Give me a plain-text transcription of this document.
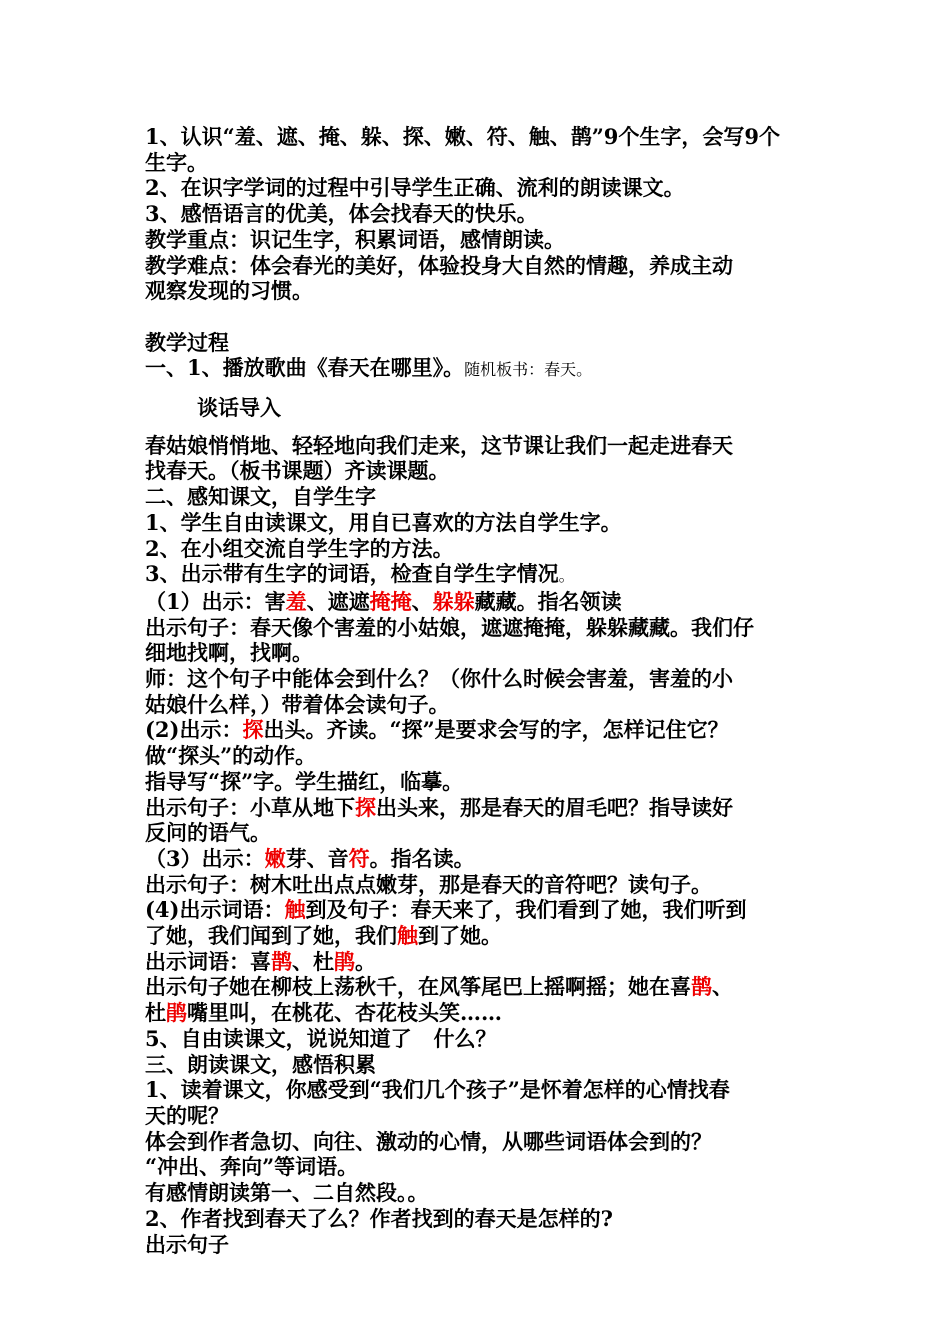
1、认识“羞、遮、掩、躲、探、嫩、符、触、鹊”9个生字，会写9个
生字。
2、在识字学词的过程中引导学生正确、流利的朗读课文。
3、感悟语言的优美，体会找春天的快乐。
教学重点：识记生字，积累词语，感情朗读。
教学难点：体会春光的美好，体验投身大自然的情趣，养成主动
观察发现的习惯。
教学过程
一、1、播放歌曲《春天在哪里》。随机板书：春天。
谈话导入
春姑娘悄悄地、轻轻地向我们走来，这节课让我们一起走进春天
找春天。（板书课题）齐读课题。
二、感知课文，自学生字
1、学生自由读课文，用自已喜欢的方法自学生字。
2、在小组交流自学生字的方法。
3、出示带有生字的词语，检查自学生字情况。
（1）出示：害羞、遮遮掩掩、躲躲藏藏。指名领读
出示句子：春天像个害羞的小姑娘，遮遮掩掩，躲躲藏藏。我们仔
细地找啊，找啊。
师：这个句子中能体会到什么？（你什么时候会害羞，害羞的小
姑娘什么样，）带着体会读句子。
(2)出示：探出头。齐读。“探”是要求会写的字，怎样记住它？
做“探头”的动作。
指导写“探”字。学生描红，临摹。
出示句子：小草从地下探出头来，那是春天的眉毛吧？指导读好
反问的语气。
（3）出示：嫩芽、音符。指名读。
出示句子：树木吐出点点嫩芽，那是春天的音符吧？读句子。
(4)出示词语：触到及句子：春天来了，我们看到了她，我们听到
了她，我们闻到了她，我们触到了她。
出示词语：喜鹊、杜鹃。
出示句子她在柳枝上荡秋千，在风筝尾巴上摇啊摇；她在喜鹊、
杜鹃嘴里叫，在桃花、杏花枝头笑……
5、自由读课文，说说知道了   什么？
三、朗读课文，感悟积累
1、读着课文，你感受到“我们几个孩子”是怀着怎样的心情找春
天的呢？
体会到作者急切、向往、激动的心情，从哪些词语体会到的？
“冲出、奔向”等词语。
有感情朗读第一、二自然段。。
2、作者找到春天了么？作者找到的春天是怎样的?
出示句子
